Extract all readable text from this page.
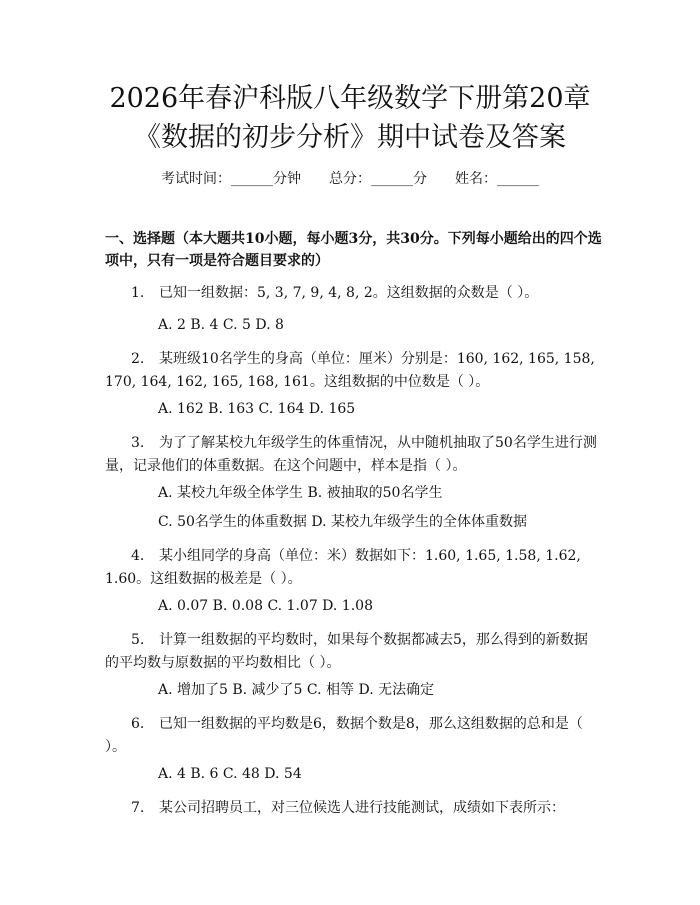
2026年春沪科版八年级数学下册第20章
《数据的初步分析》期中试卷及答案
考试时间：______分钟 总分：______分 姓名：______
一、选择题（本大题共10小题，每小题3分，共30分。下列每小题给出的四个选项中，只有一项是符合题目要求的）
1. 已知一组数据：5, 3, 7, 9, 4, 8, 2。这组数据的众数是（ ）。
A. 2 B. 4 C. 5 D. 8
2. 某班级10名学生的身高（单位：厘米）分别是：160, 162, 165, 158, 170, 164, 162, 165, 168, 161。这组数据的中位数是（ ）。
A. 162 B. 163 C. 164 D. 165
3. 为了了解某校九年级学生的体重情况，从中随机抽取了50名学生进行测量，记录他们的体重数据。在这个问题中，样本是指（ ）。
A. 某校九年级全体学生 B. 被抽取的50名学生
C. 50名学生的体重数据 D. 某校九年级学生的全体体重数据
4. 某小组同学的身高（单位：米）数据如下：1.60, 1.65, 1.58, 1.62, 1.60。这组数据的极差是（ ）。
A. 0.07 B. 0.08 C. 1.07 D. 1.08
5. 计算一组数据的平均数时，如果每个数据都减去5，那么得到的新数据的平均数与原数据的平均数相比（ ）。
A. 增加了5 B. 减少了5 C. 相等 D. 无法确定
6. 已知一组数据的平均数是6，数据个数是8，那么这组数据的总和是（ ）。
A. 4 B. 6 C. 48 D. 54
7. 某公司招聘员工，对三位候选人进行技能测试，成绩如下表所示：
